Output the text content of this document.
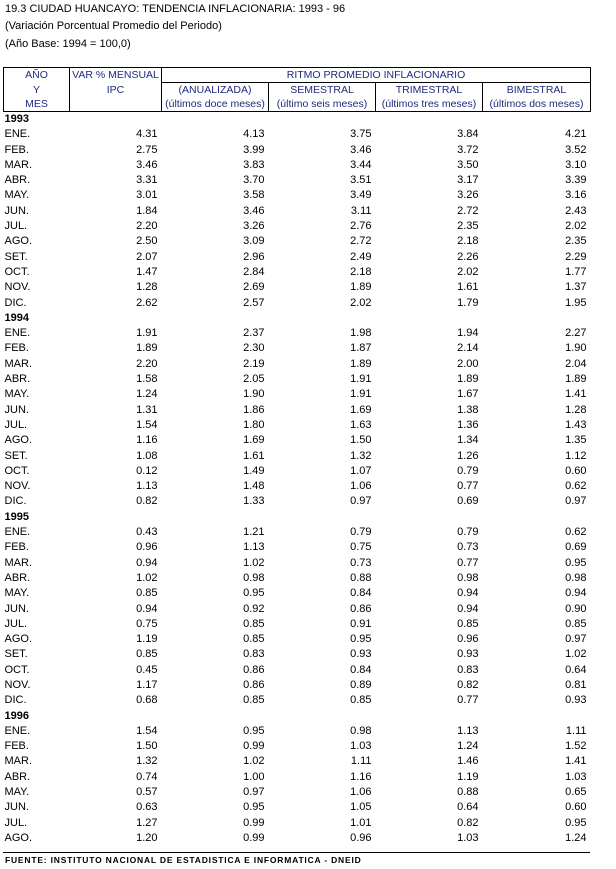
19.3 CIUDAD HUANCAYO: TENDENCIA INFLACIONARIA: 1993 - 96
(Variación Porcentual Promedio del Periodo)
(Año Base: 1994 = 100,0)
AÑO	VAR % MENSUAL	RITMO PROMEDIO INFLACIONARIO			
Y	IPC	(ANUALIZADA)	SEMESTRAL	TRIMESTRAL	BIMESTRAL
MES		(últimos doce meses)	(último seis meses)	(últimos tres meses)	(últimos dos meses)
1993					
ENE.	4.31	4.13	3.75	3.84	4.21
FEB.	2.75	3.99	3.46	3.72	3.52
MAR.	3.46	3.83	3.44	3.50	3.10
ABR.	3.31	3.70	3.51	3.17	3.39
MAY.	3.01	3.58	3.49	3.26	3.16
JUN.	1.84	3.46	3.11	2.72	2.43
JUL.	2.20	3.26	2.76	2.35	2.02
AGO.	2.50	3.09	2.72	2.18	2.35
SET.	2.07	2.96	2.49	2.26	2.29
OCT.	1.47	2.84	2.18	2.02	1.77
NOV.	1.28	2.69	1.89	1.61	1.37
DIC.	2.62	2.57	2.02	1.79	1.95
1994					
ENE.	1.91	2.37	1.98	1.94	2.27
FEB.	1.89	2.30	1.87	2.14	1.90
MAR.	2.20	2.19	1.89	2.00	2.04
ABR.	1.58	2.05	1.91	1.89	1.89
MAY.	1.24	1.90	1.91	1.67	1.41
JUN.	1.31	1.86	1.69	1.38	1.28
JUL.	1.54	1.80	1.63	1.36	1.43
AGO.	1.16	1.69	1.50	1.34	1.35
SET.	1.08	1.61	1.32	1.26	1.12
OCT.	0.12	1.49	1.07	0.79	0.60
NOV.	1.13	1.48	1.06	0.77	0.62
DIC.	0.82	1.33	0.97	0.69	0.97
1995					
ENE.	0.43	1.21	0.79	0.79	0.62
FEB.	0.96	1.13	0.75	0.73	0.69
MAR.	0.94	1.02	0.73	0.77	0.95
ABR.	1.02	0.98	0.88	0.98	0.98
MAY.	0.85	0.95	0.84	0.94	0.94
JUN.	0.94	0.92	0.86	0.94	0.90
JUL.	0.75	0.85	0.91	0.85	0.85
AGO.	1.19	0.85	0.95	0.96	0.97
SET.	0.85	0.83	0.93	0.93	1.02
OCT.	0.45	0.86	0.84	0.83	0.64
NOV.	1.17	0.86	0.89	0.82	0.81
DIC.	0.68	0.85	0.85	0.77	0.93
1996					
ENE.	1.54	0.95	0.98	1.13	1.11
FEB.	1.50	0.99	1.03	1.24	1.52
MAR.	1.32	1.02	1.11	1.46	1.41
ABR.	0.74	1.00	1.16	1.19	1.03
MAY.	0.57	0.97	1.06	0.88	0.65
JUN.	0.63	0.95	1.05	0.64	0.60
JUL.	1.27	0.99	1.01	0.82	0.95
AGO.	1.20	0.99	0.96	1.03	1.24
FUENTE: INSTITUTO NACIONAL DE ESTADISTICA E INFORMATICA - DNEID
